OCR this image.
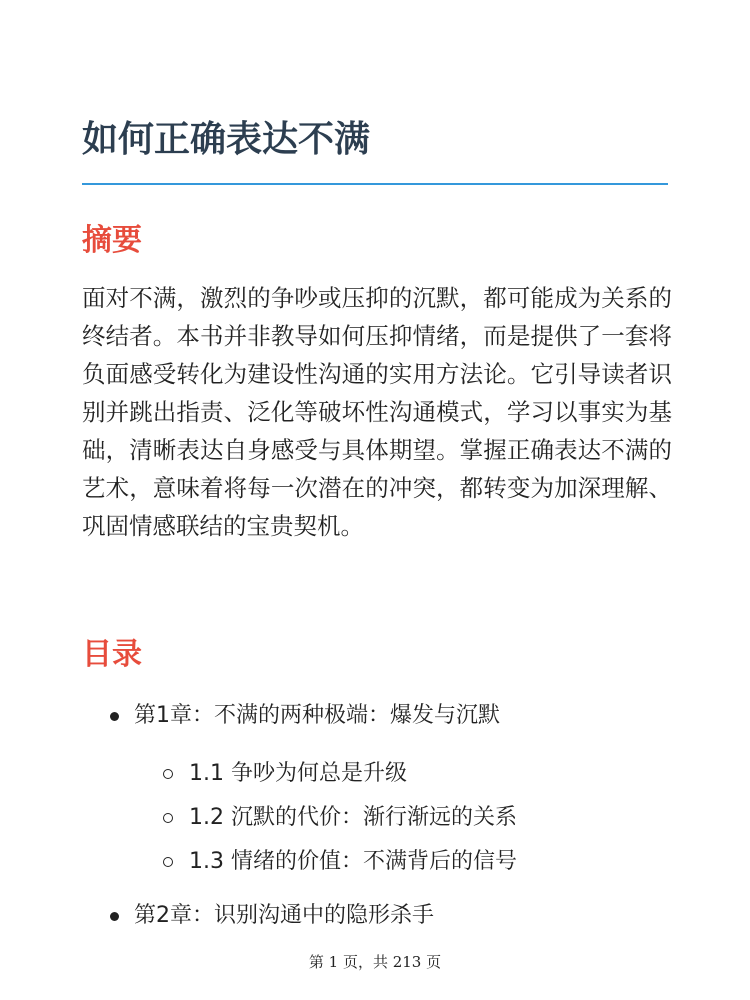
如何正确表达不满
摘要

面对不满，激烈的争吵或压抑的沉默，都可能成为关系的终结者。本书并非教导如何压抑情绪，而是提供了一套将负面感受转化为建设性沟通的实用方法论。它引导读者识别并跳出指责、泛化等破坏性沟通模式，学习以事实为基础，清晰表达自身感受与具体期望。掌握正确表达不满的艺术，意味着将每一次潜在的冲突，都转变为加深理解、巩固情感联结的宝贵契机。

目录
第1章：不满的两种极端：爆发与沉默
1.1 争吵为何总是升级
1.2 沉默的代价：渐行渐远的关系
1.3 情绪的价值：不满背后的信号
第2章：识别沟通中的隐形杀手
第 1 页，共 213 页
